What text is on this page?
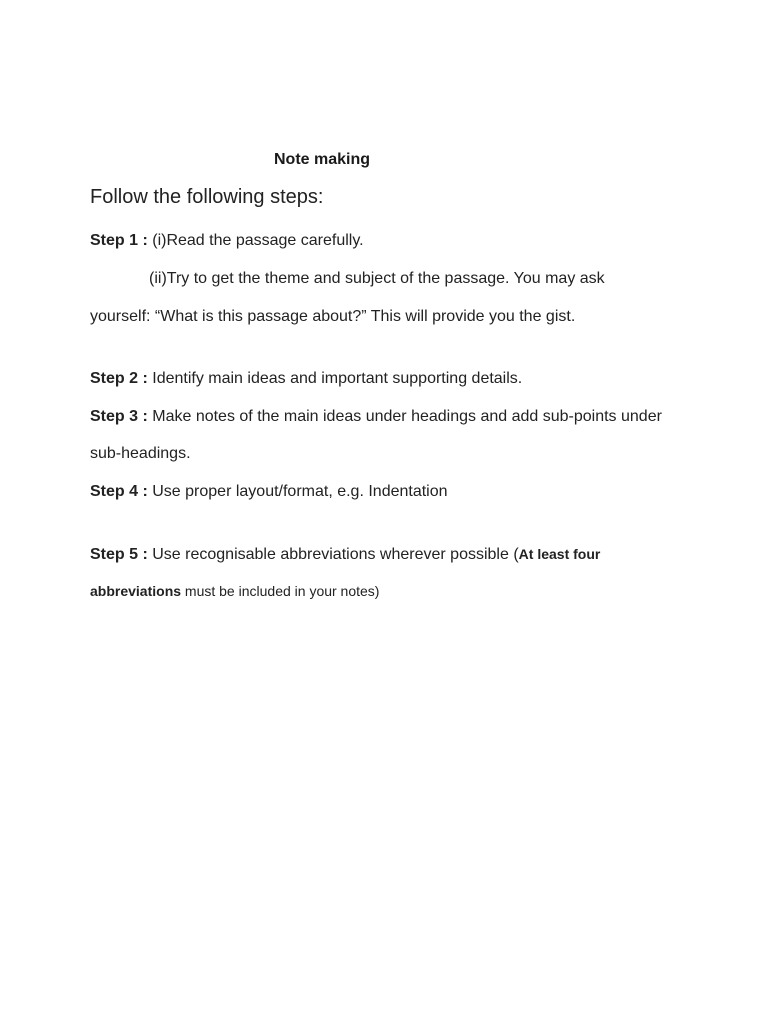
Note making

Follow the following steps:

Step 1 : (i)Read the passage carefully.

(ii)Try to get the theme and subject of the passage. You may ask

yourself: “What is this passage about?” This will provide you the gist.

Step 2 : Identify main ideas and important supporting details.

Step 3 : Make notes of the main ideas under headings and add sub-points under

sub-headings.

Step 4 : Use proper layout/format, e.g. Indentation

Step 5 : Use recognisable abbreviations wherever possible (At least four

abbreviations must be included in your notes)
